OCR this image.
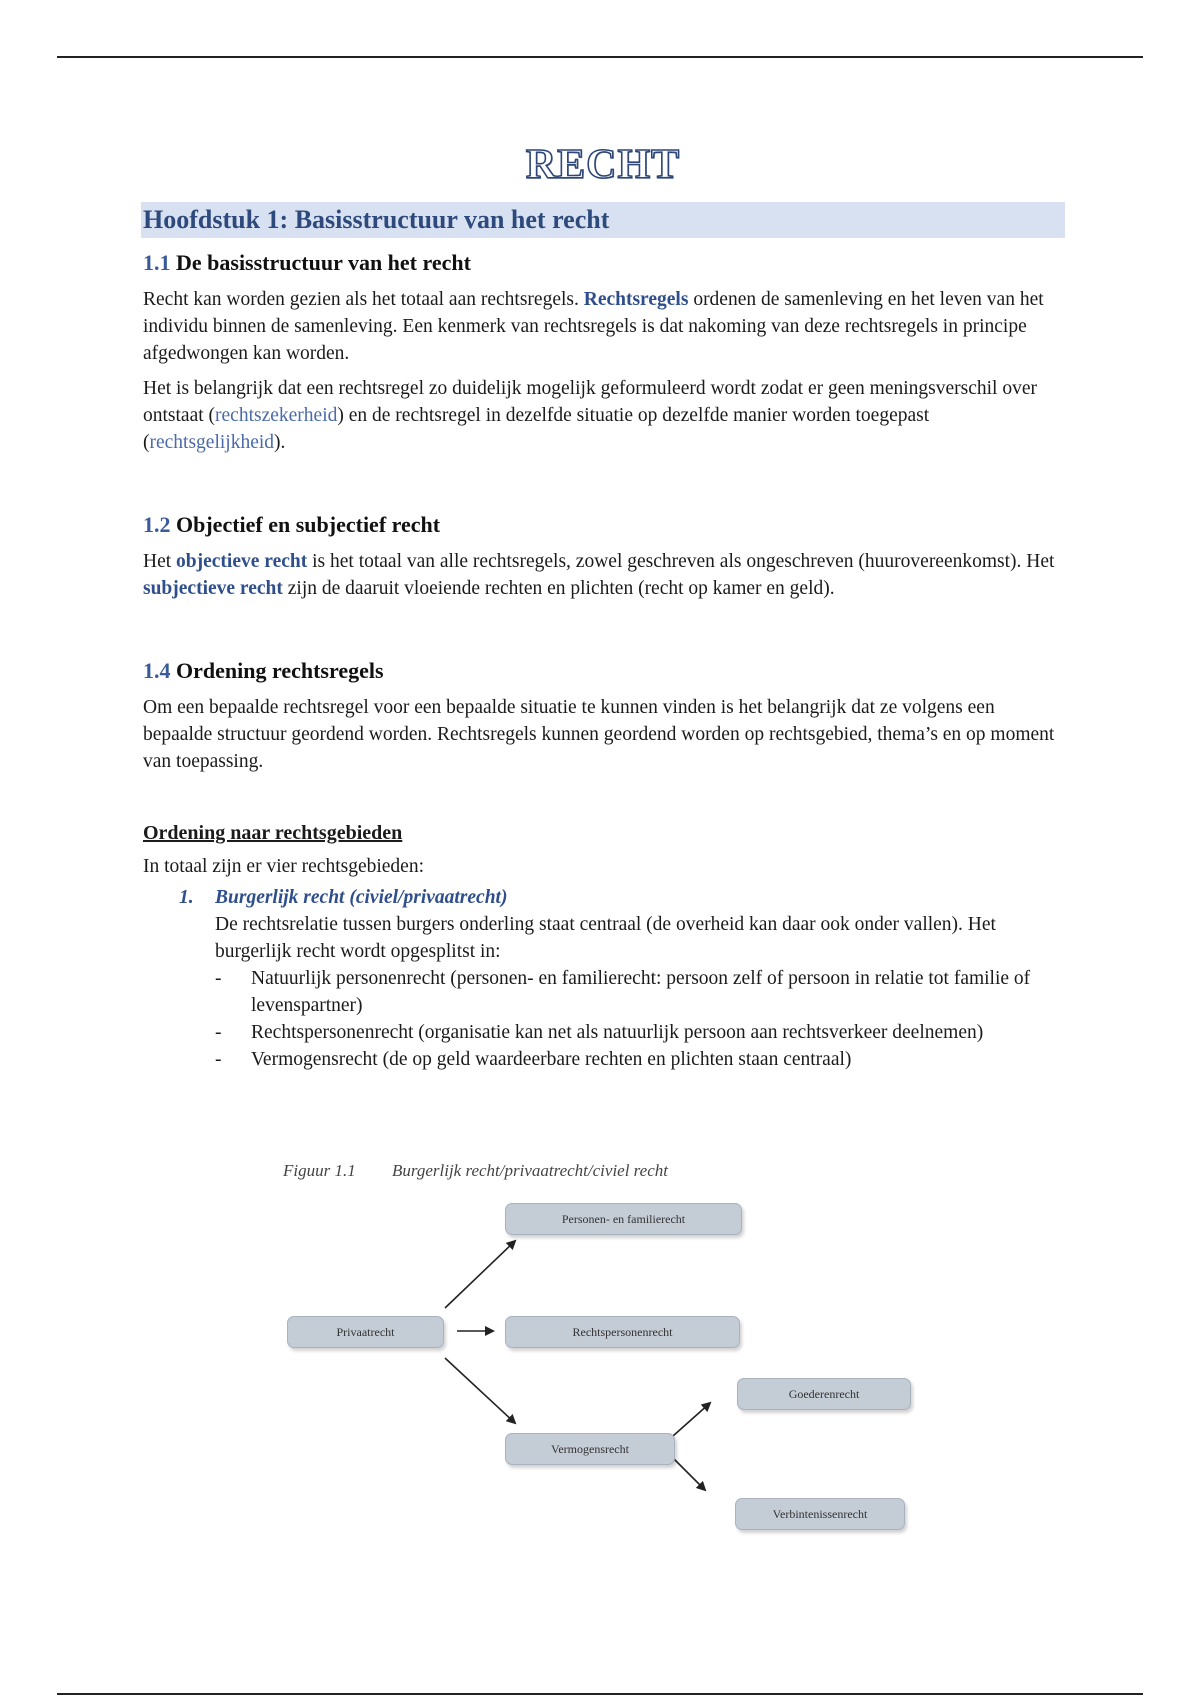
RECHT
Hoofdstuk 1: Basisstructuur van het recht
1.1 De basisstructuur van het recht

Recht kan worden gezien als het totaal aan rechtsregels. Rechtsregels ordenen de samenleving en het leven van het individu binnen de samenleving. Een kenmerk van rechtsregels is dat nakoming van deze rechtsregels in principe afgedwongen kan worden.

Het is belangrijk dat een rechtsregel zo duidelijk mogelijk geformuleerd wordt zodat er geen meningsverschil over ontstaat (rechtszekerheid) en de rechtsregel in dezelfde situatie op dezelfde manier worden toegepast (rechtsgelijkheid).

1.2 Objectief en subjectief recht

Het objectieve recht is het totaal van alle rechtsregels, zowel geschreven als ongeschreven (huurovereenkomst). Het subjectieve recht zijn de daaruit vloeiende rechten en plichten (recht op kamer en geld).

1.4 Ordening rechtsregels

Om een bepaalde rechtsregel voor een bepaalde situatie te kunnen vinden is het belangrijk dat ze volgens een bepaalde structuur geordend worden. Rechtsregels kunnen geordend worden op rechtsgebied, thema’s en op moment van toepassing.

Ordening naar rechtsgebieden

In totaal zijn er vier rechtsgebieden:

1.	Burgerlijk recht (civiel/privaatrecht)
De rechtsrelatie tussen burgers onderling staat centraal (de overheid kan daar ook onder vallen). Het burgerlijk recht wordt opgesplitst in:
- Natuurlijk personenrecht (personen- en familierecht: persoon zelf of persoon in relatie tot familie of levenspartner)
- Rechtspersonenrecht (organisatie kan net als natuurlijk persoon aan rechtsverkeer deelnemen)
- Vermogensrecht (de op geld waardeerbare rechten en plichten staan centraal)
Figuur 1.1 Burgerlijk recht/privaatrecht/civiel recht
Personen- en familierecht
Privaatrecht	Rechtspersonenrecht
Goederenrecht
Vermogensrecht
Verbintenissenrecht
